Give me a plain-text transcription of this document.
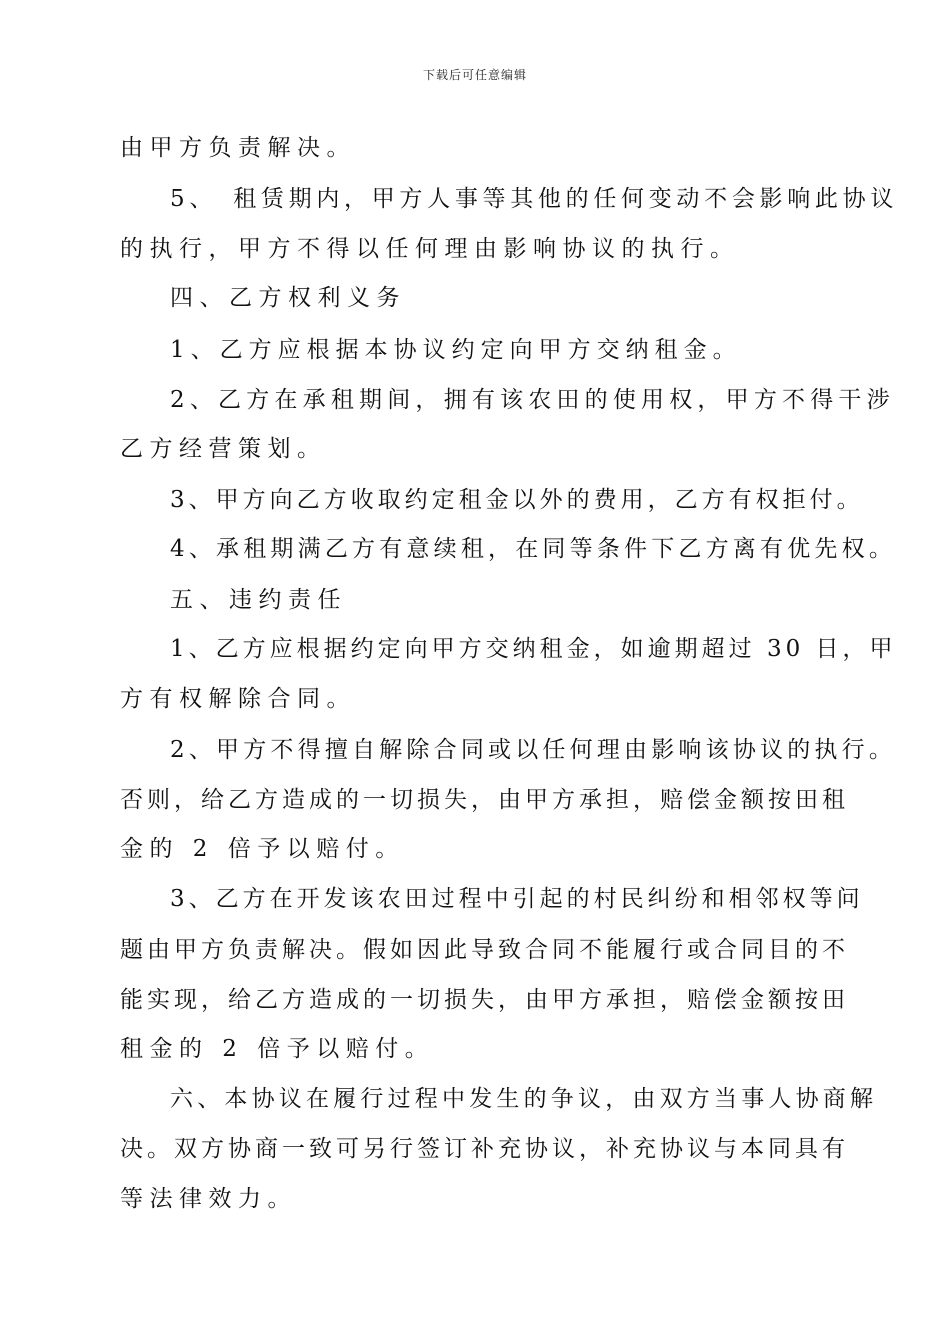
下载后可任意编辑
由甲方负责解决。
5、　租赁期内，甲方人事等其他的任何变动不会影响此协议
的执行，甲方不得以任何理由影响协议的执行。
四、乙方权利义务
1、乙方应根据本协议约定向甲方交纳租金。
2、乙方在承租期间，拥有该农田的使用权，甲方不得干涉
乙方经营策划。
3、甲方向乙方收取约定租金以外的费用，乙方有权拒付。
4、承租期满乙方有意续租，在同等条件下乙方离有优先权。
五、违约责任
1、乙方应根据约定向甲方交纳租金，如逾期超过 30 日，甲
方有权解除合同。
2、甲方不得擅自解除合同或以任何理由影响该协议的执行。
否则，给乙方造成的一切损失，由甲方承担，赔偿金额按田租
金的 2 倍予以赔付。
3、乙方在开发该农田过程中引起的村民纠纷和相邻权等问
题由甲方负责解决。假如因此导致合同不能履行或合同目的不
能实现，给乙方造成的一切损失，由甲方承担，赔偿金额按田
租金的 2 倍予以赔付。
六、本协议在履行过程中发生的争议，由双方当事人协商解
决。双方协商一致可另行签订补充协议，补充协议与本同具有
等法律效力。
